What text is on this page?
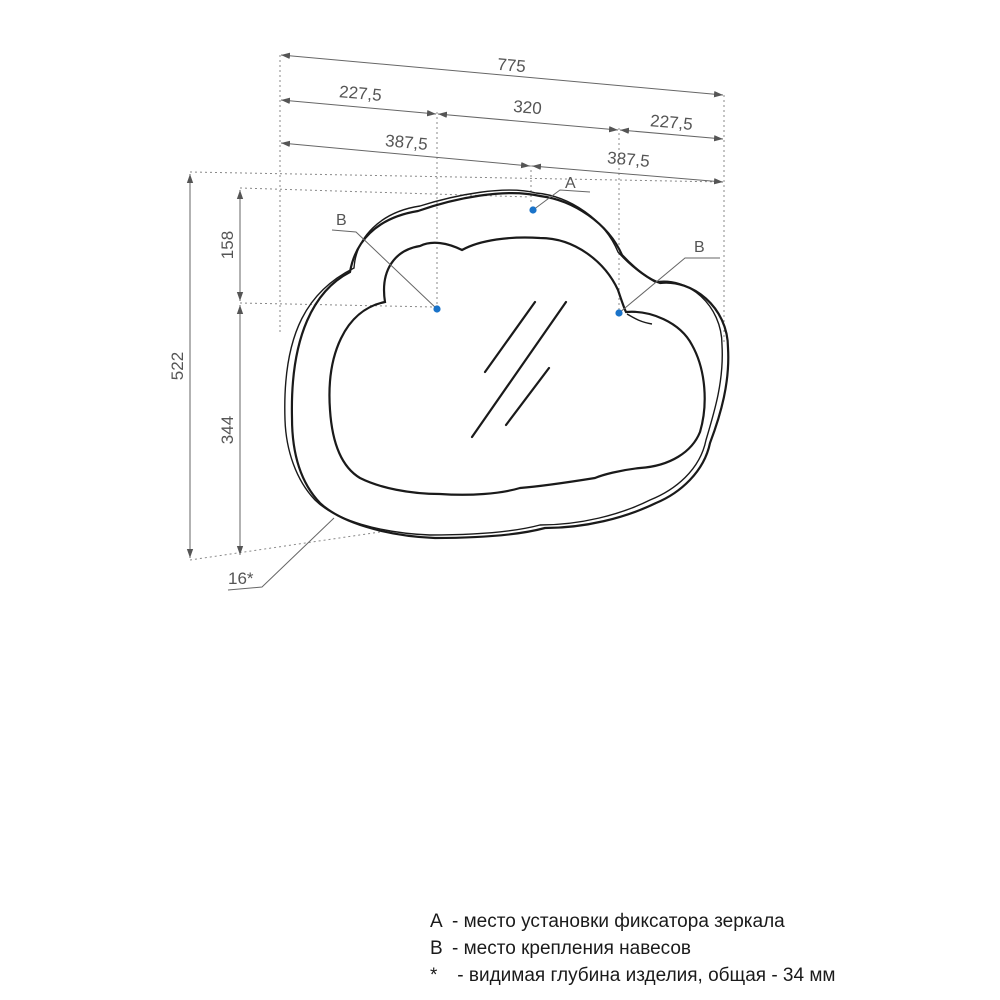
775
227,5
320
227,5
387,5
387,5
522
158
344
16*
A
B
B
A - место установки фиксатора зеркала
B - место крепления навесов
* - видимая глубина изделия, общая - 34 мм
